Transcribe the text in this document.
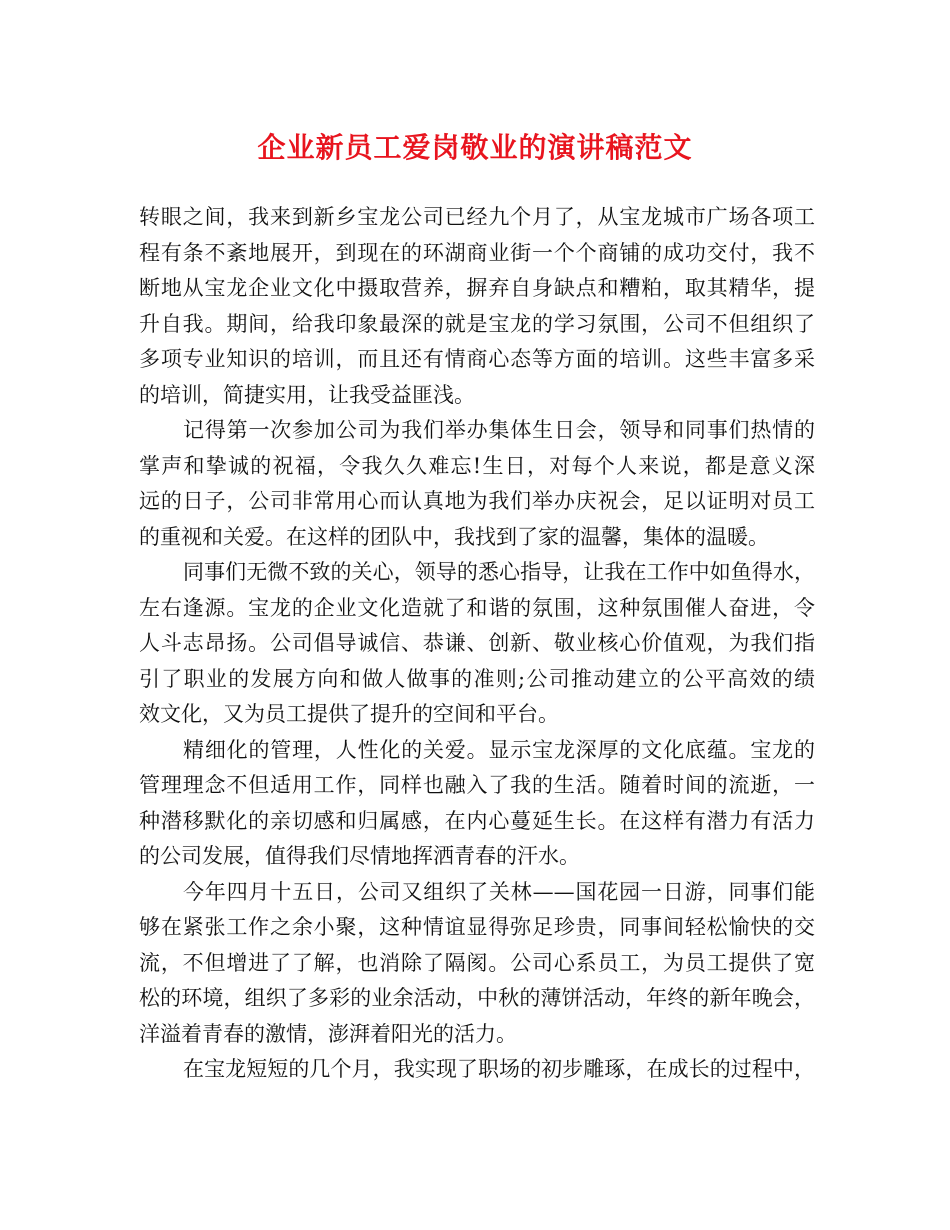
企业新员工爱岗敬业的演讲稿范文

转眼之间，我来到新乡宝龙公司已经九个月了，从宝龙城市广场各项工
程有条不紊地展开，到现在的环湖商业街一个个商铺的成功交付，我不
断地从宝龙企业文化中摄取营养，摒弃自身缺点和糟粕，取其精华，提
升自我。期间，给我印象最深的就是宝龙的学习氛围，公司不但组织了
多项专业知识的培训，而且还有情商心态等方面的培训。这些丰富多采
的培训，简捷实用，让我受益匪浅。

记得第一次参加公司为我们举办集体生日会，领导和同事们热情的
掌声和挚诚的祝福，令我久久难忘!生日，对每个人来说，都是意义深
远的日子，公司非常用心而认真地为我们举办庆祝会，足以证明对员工
的重视和关爱。在这样的团队中，我找到了家的温馨，集体的温暖。

同事们无微不致的关心，领导的悉心指导，让我在工作中如鱼得水，
左右逢源。宝龙的企业文化造就了和谐的氛围，这种氛围催人奋进，令
人斗志昂扬。公司倡导诚信、恭谦、创新、敬业核心价值观，为我们指
引了职业的发展方向和做人做事的准则;公司推动建立的公平高效的绩
效文化，又为员工提供了提升的空间和平台。

精细化的管理，人性化的关爱。显示宝龙深厚的文化底蕴。宝龙的
管理理念不但适用工作，同样也融入了我的生活。随着时间的流逝，一
种潜移默化的亲切感和归属感，在内心蔓延生长。在这样有潜力有活力
的公司发展，值得我们尽情地挥洒青春的汗水。

今年四月十五日，公司又组织了关林——国花园一日游，同事们能
够在紧张工作之余小聚，这种情谊显得弥足珍贵，同事间轻松愉快的交
流，不但增进了了解，也消除了隔阂。公司心系员工，为员工提供了宽
松的环境，组织了多彩的业余活动，中秋的薄饼活动，年终的新年晚会，
洋溢着青春的激情，澎湃着阳光的活力。

在宝龙短短的几个月，我实现了职场的初步雕琢，在成长的过程中，
